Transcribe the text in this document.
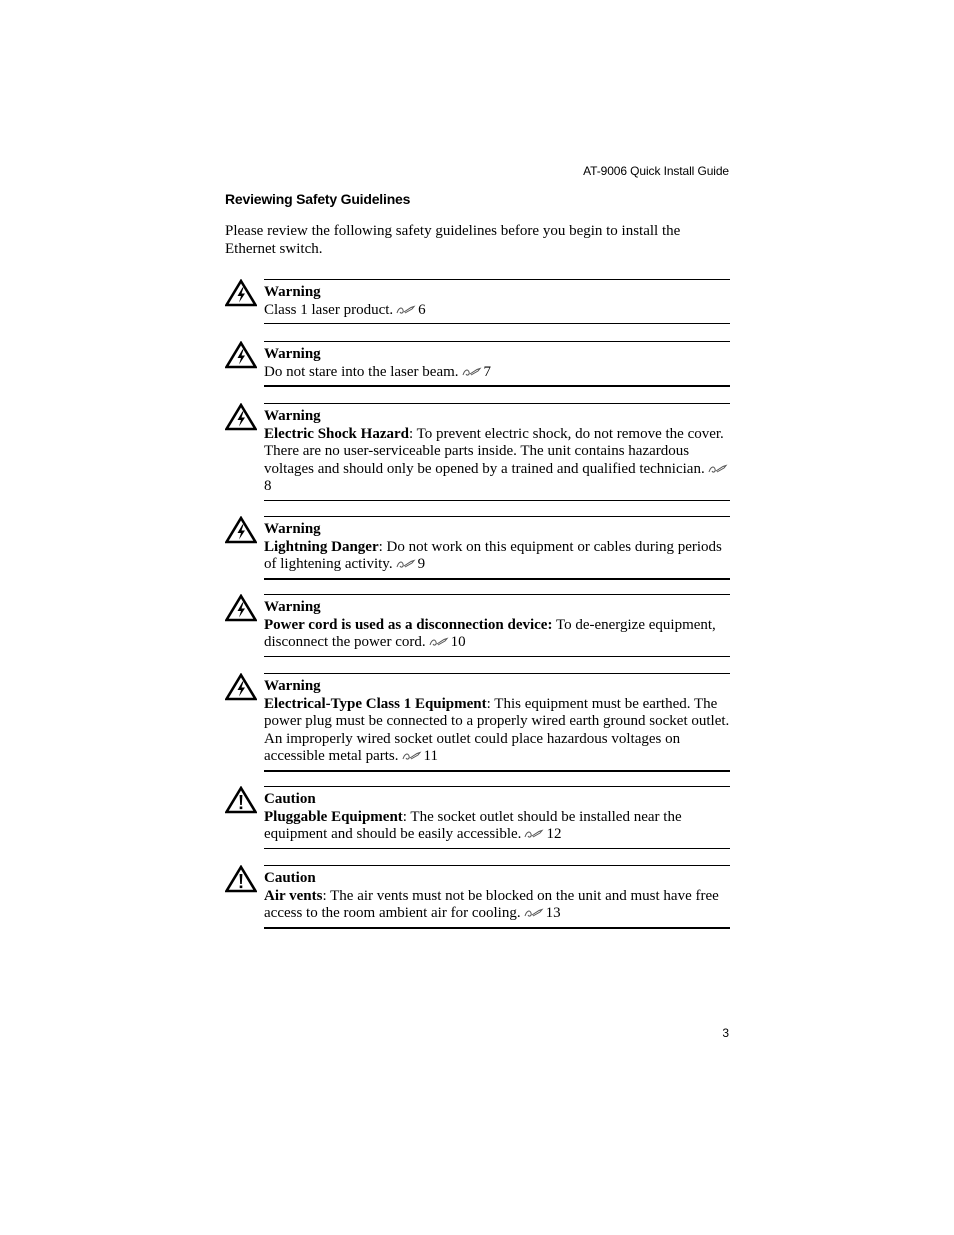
AT-9006 Quick Install Guide
Reviewing Safety Guidelines
Please review the following safety guidelines before you begin to install the Ethernet switch.
Warning
Class 1 laser product. 6
Warning
Do not stare into the laser beam. 7
Warning
Electric Shock Hazard: To prevent electric shock, do not remove the cover. There are no user-serviceable parts inside. The unit contains hazardous voltages and should only be opened by a trained and qualified technician.8
Warning
Lightning Danger: Do not work on this equipment or cables during periods of lightening activity. 9
Warning
Power cord is used as a disconnection device: To de-energize equipment, disconnect the power cord. 10
Warning
Electrical-Type Class 1 Equipment: This equipment must be earthed. The power plug must be connected to a properly wired earth ground socket outlet. An improperly wired socket outlet could place hazardous voltages on accessible metal parts. 11
Caution
Pluggable Equipment: The socket outlet should be installed near the equipment and should be easily accessible. 12
Caution
Air vents: The air vents must not be blocked on the unit and must have free access to the room ambient air for cooling. 13
3
